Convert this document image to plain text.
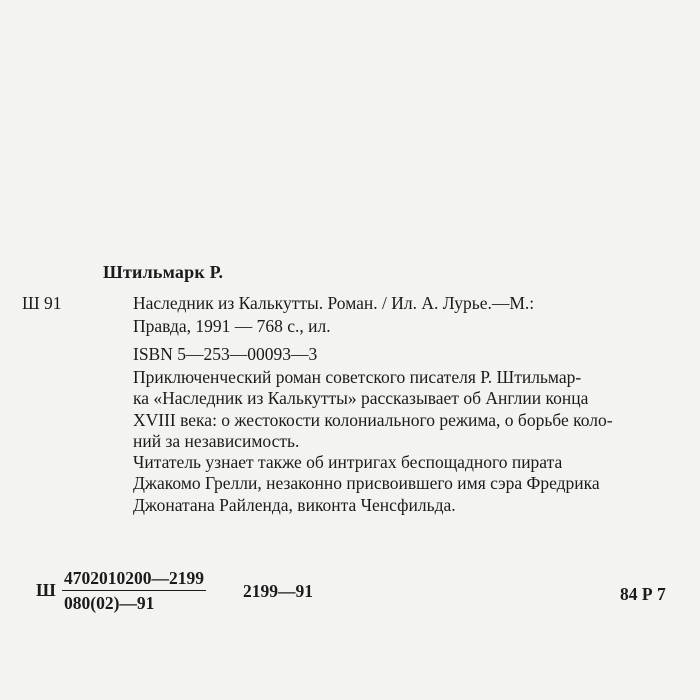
Штильмарк Р.
Ш 91	Наследник из Калькутты. Роман. / Ил. А. Лурье.—М.:
Правда, 1991 — 768 с., ил.
ISBN 5—253—00093—3
Приключенческий роман советского писателя Р. Штильмар-
ка «Наследник из Калькутты» рассказывает об Англии конца
XVIII века: о жестокости колониального режима, о борьбе коло-
ний за независимость.
Читатель узнает также об интригах беспощадного пирата
Джакомо Грелли, незаконно присвоившего имя сэра Фредрика
Джонатана Райленда, виконта Ченсфильда.
Ш $\frac{4702010200—2199}{080(02)—91}$ 2199—91	84 Р 7
